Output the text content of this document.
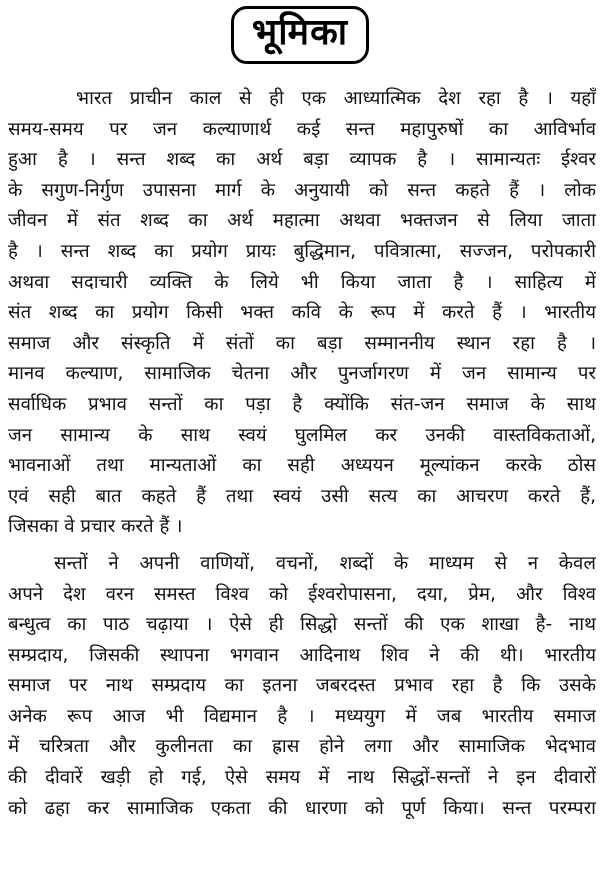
भूमिका
भारत प्राचीन काल से ही एक आध्यात्मिक देश रहा है । यहाँ
समय-समय पर जन कल्याणार्थ कई सन्त महापुरुषों का आविर्भाव
हुआ है । सन्त शब्द का अर्थ बड़ा व्यापक है । सामान्यतः ईश्वर
के सगुण-निर्गुण उपासना मार्ग के अनुयायी को सन्त कहते हैं । लोक
जीवन में संत शब्द का अर्थ महात्मा अथवा भक्तजन से लिया जाता
है । सन्त शब्द का प्रयोग प्रायः बुद्धिमान, पवित्रात्मा, सज्जन, परोपकारी
अथवा सदाचारी व्यक्ति के लिये भी किया जाता है । साहित्य में
संत शब्द का प्रयोग किसी भक्त कवि के रूप में करते हैं । भारतीय
समाज और संस्कृति में संतों का बड़ा सम्माननीय स्थान रहा है ।
मानव कल्याण, सामाजिक चेतना और पुनर्जागरण में जन सामान्य पर
सर्वाधिक प्रभाव सन्तों का पड़ा है क्योंकि संत-जन समाज के साथ
जन सामान्य के साथ स्वयं घुलमिल कर उनकी वास्तविकताओं,
भावनाओं तथा मान्यताओं का सही अध्ययन मूल्यांकन करके ठोस
एवं सही बात कहते हैं तथा स्वयं उसी सत्य का आचरण करते हैं,
जिसका वे प्रचार करते हैं ।
सन्तों ने अपनी वाणियों, वचनों, शब्दों के माध्यम से न केवल
अपने देश वरन समस्त विश्व को ईश्वरोपासना, दया, प्रेम, और विश्व
बन्धुत्व का पाठ चढ़ाया । ऐसे ही सिद्धो सन्तों की एक शाखा है- नाथ
सम्प्रदाय, जिसकी स्थापना भगवान आदिनाथ शिव ने की थी। भारतीय
समाज पर नाथ सम्प्रदाय का इतना जबरदस्त प्रभाव रहा है कि उसके
अनेक रूप आज भी विद्यमान है । मध्ययुग में जब भारतीय समाज
में चरित्रता और कुलीनता का ह्रास होने लगा और सामाजिक भेदभाव
की दीवारें खड़ी हो गई, ऐसे समय में नाथ सिद्धों-सन्तों ने इन दीवारों
को ढहा कर सामाजिक एकता की धारणा को पूर्ण किया। सन्त परम्परा
